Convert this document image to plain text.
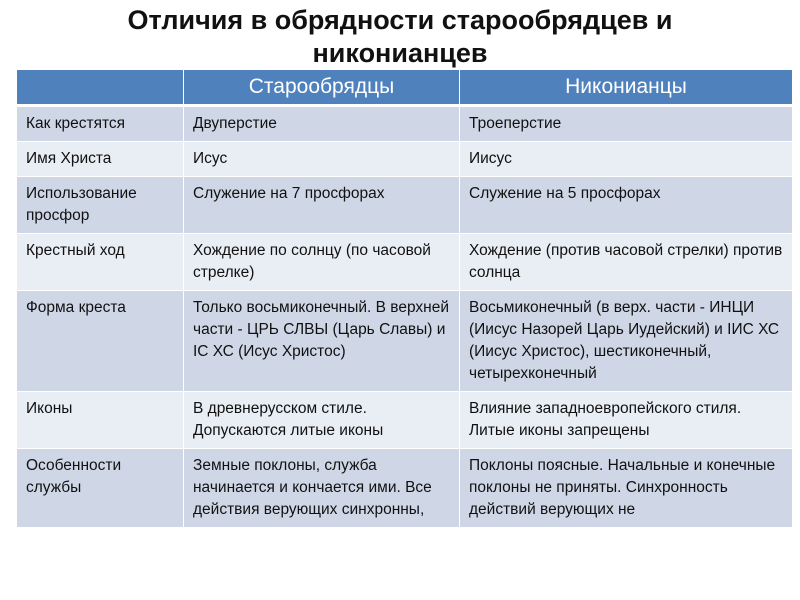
Отличия в обрядности старообрядцев и
никонианцев
	Старообрядцы	Никонианцы
Как крестятся	Двуперстие	Троеперстие
Имя Христа	Исус	Иисус
Использование просфор	Служение на 7 просфорах	Служение на 5 просфорах
Крестный ход	Хождение по солнцу (по часовой стрелке)	Хождение (против часовой стрелки) против солнца
Форма креста	Только восьмиконечный. В верхней части - ЦРЬ СЛВЫ (Царь Славы) и IС ХС (Исус Христос)	Восьмиконечный (в верх. части - ИНЦИ (Иисус Назорей Царь Иудейский) и IИС ХС (Иисус Христос), шестиконечный, четырехконечный
Иконы	В древнерусском стиле. Допускаются литые иконы	Влияние западноевропейского стиля. Литые иконы запрещены
Особенности службы	Земные поклоны, служба начинается и кончается ими. Все действия верующих синхронны,	Поклоны поясные. Начальные и конечные поклоны не приняты. Синхронность действий верующих не
